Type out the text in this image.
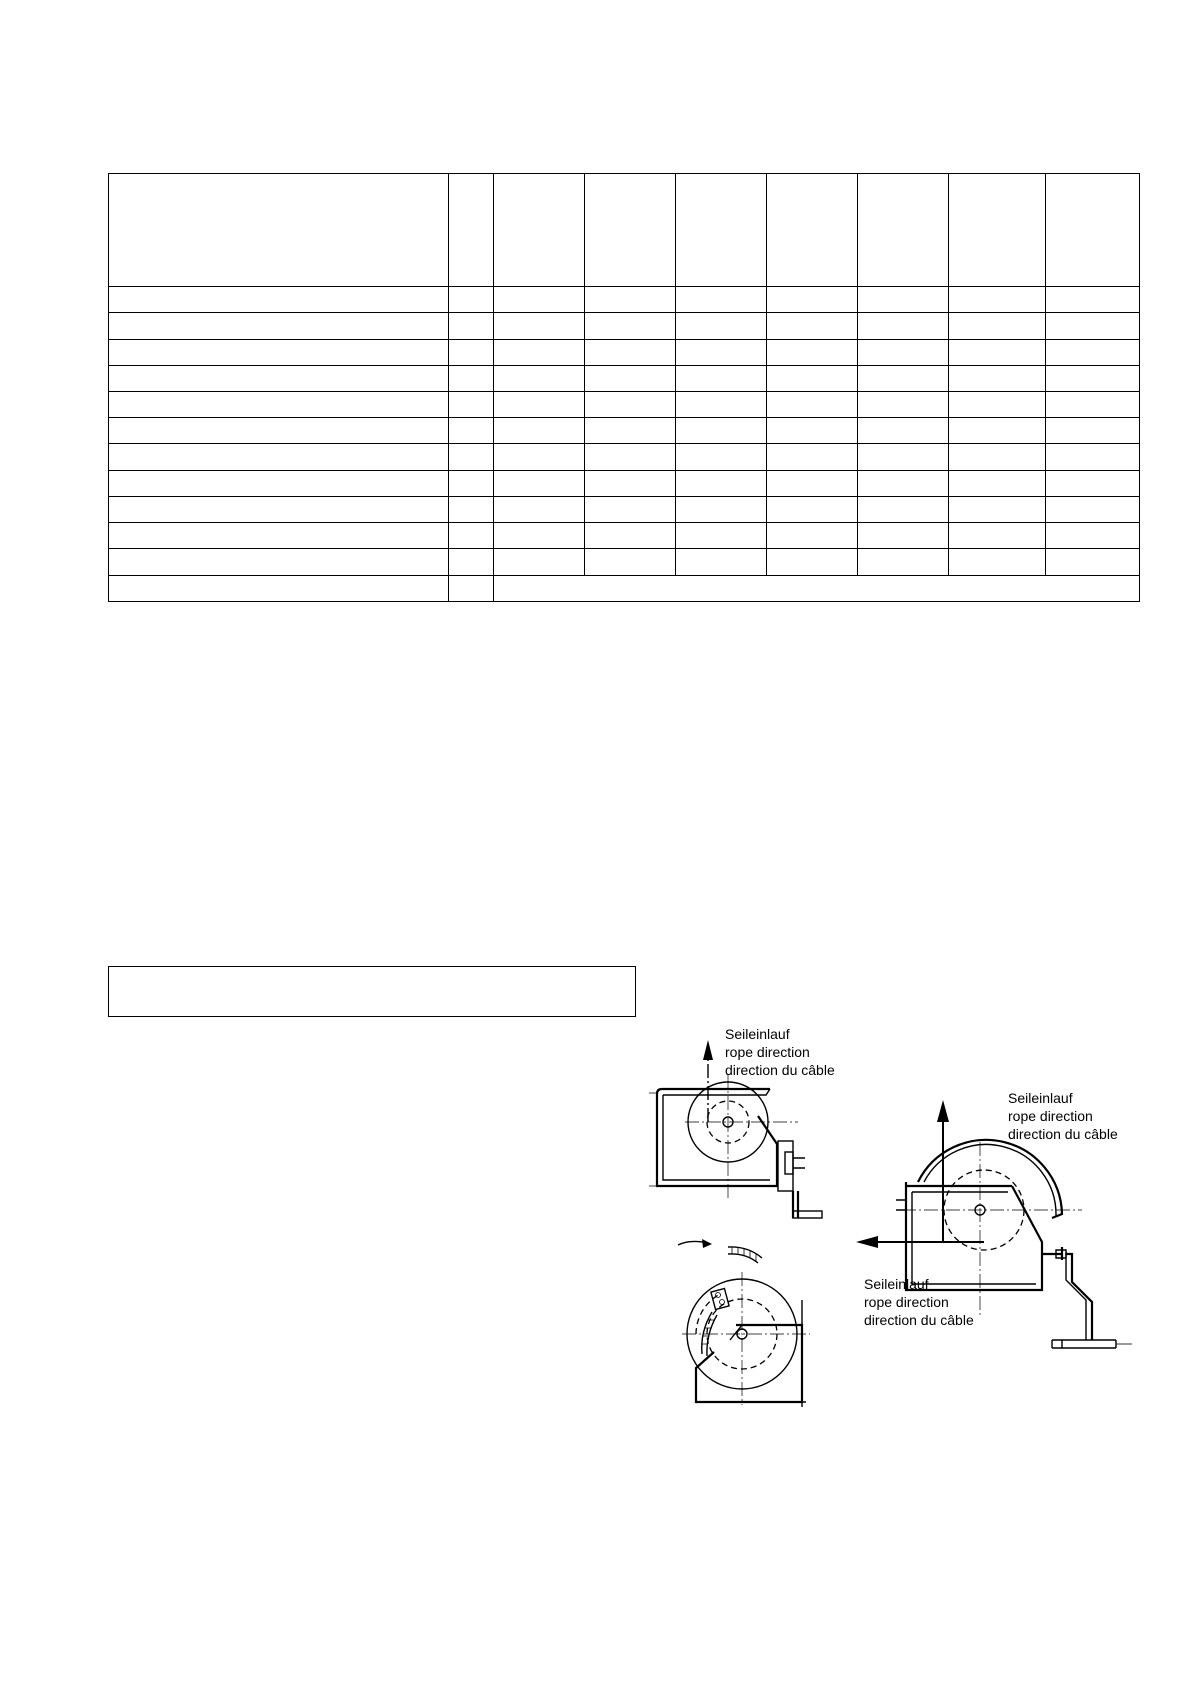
Seileinlauf
rope direction
direction du câble
Seileinlauf
rope direction
direction du câble
Seileinlauf
rope direction
direction du câble
